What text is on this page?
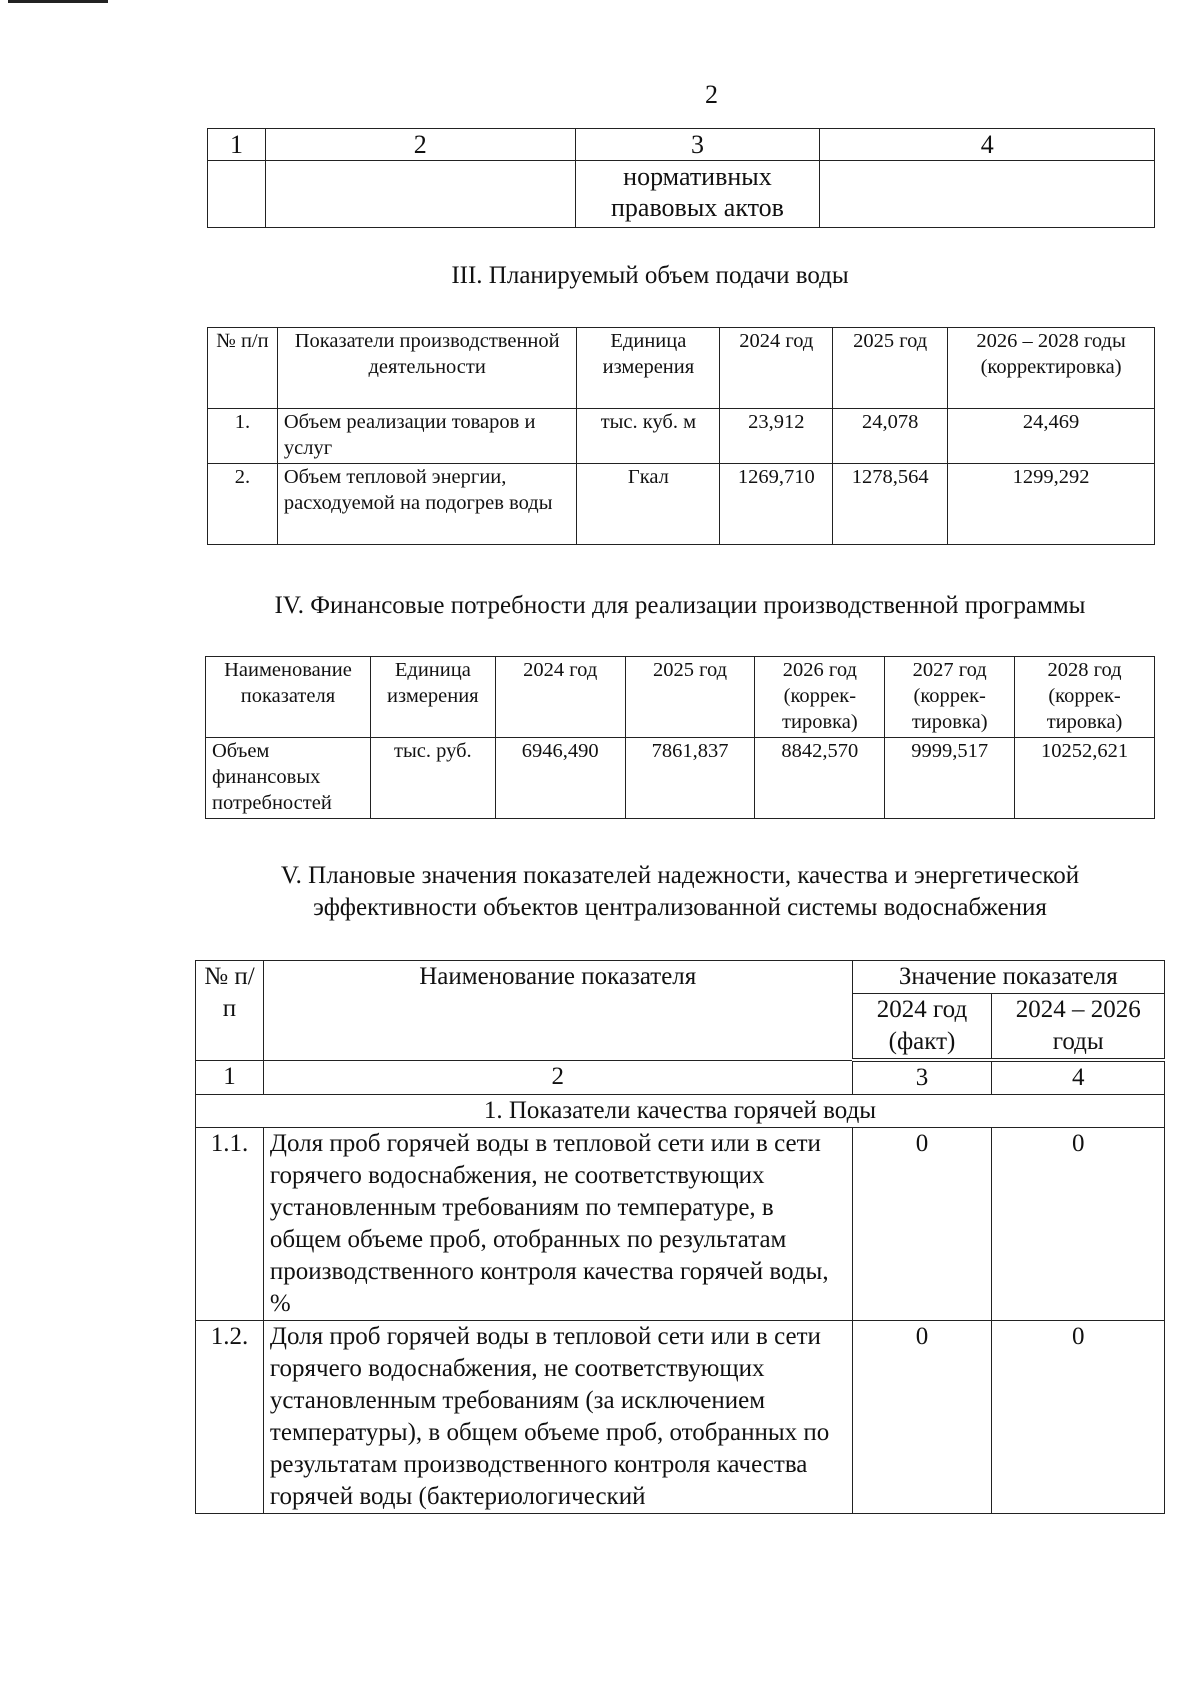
2
1	2	3	4
		нормативных правовых актов	
III. Планируемый объем подачи воды
№ п/п	Показатели производственной деятельности	Единица измерения	2024 год	2025 год	2026 – 2028 годы (корректировка)
1.	Объем реализации товаров и услуг	тыс. куб. м	23,912	24,078	24,469
2.	Объем тепловой энергии, расходуемой на подогрев воды	Гкал	1269,710	1278,564	1299,292
IV. Финансовые потребности для реализации производственной программы
Наименование показателя	Единица измерения	2024 год	2025 год	2026 год (коррек-тировка)	2027 год (коррек-тировка)	2028 год (коррек-тировка)
Объем финансовых потребностей	тыс. руб.	6946,490	7861,837	8842,570	9999,517	10252,621
V. Плановые значения показателей надежности, качества и энергетической
эффективности объектов централизованной системы водоснабжения
№ п/п	Наименование показателя	Значение показателя	
		2024 год (факт)	2024 – 2026 годы
1	2	3	4
1. Показатели качества горячей воды			
1.1.	Доля проб горячей воды в тепловой сети или в сети горячего водоснабжения, не соответствующих установленным требованиям по температуре, в общем объеме проб, отобранных по результатам производственного контроля качества горячей воды, %	0	0
1.2.	Доля проб горячей воды в тепловой сети или в сети горячего водоснабжения, не соответствующих установленным требованиям (за исключением температуры), в общем объеме проб, отобранных по результатам производственного контроля качества горячей воды (бактериологический	0	0
